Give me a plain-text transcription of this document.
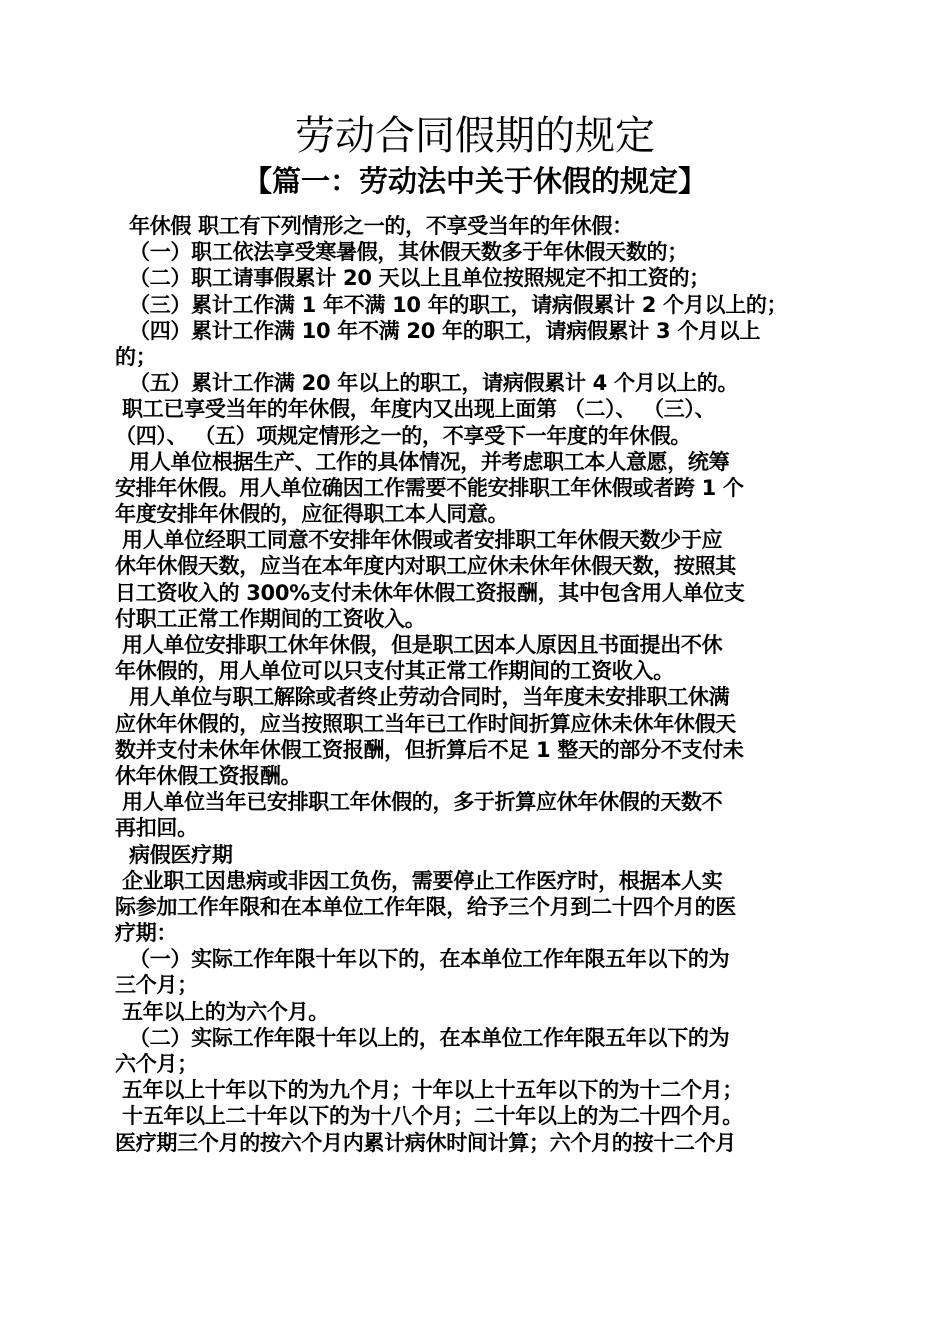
劳动合同假期的规定
【篇一：劳动法中关于休假的规定】
年休假 职工有下列情形之一的，不享受当年的年休假：
（一）职工依法享受寒暑假，其休假天数多于年休假天数的；
（二）职工请事假累计 20 天以上且单位按照规定不扣工资的；
（三）累计工作满 1 年不满 10 年的职工，请病假累计 2 个月以上的；
（四）累计工作满 10 年不满 20 年的职工，请病假累计 3 个月以上
的；
（五）累计工作满 20 年以上的职工，请病假累计 4 个月以上的。
职工已享受当年的年休假，年度内又出现上面第 （二）、 （三）、
（四）、 （五）项规定情形之一的，不享受下一年度的年休假。
用人单位根据生产、工作的具体情况，并考虑职工本人意愿，统筹
安排年休假。用人单位确因工作需要不能安排职工年休假或者跨 1 个
年度安排年休假的，应征得职工本人同意。
用人单位经职工同意不安排年休假或者安排职工年休假天数少于应
休年休假天数，应当在本年度内对职工应休未休年休假天数，按照其
日工资收入的 300%支付未休年休假工资报酬，其中包含用人单位支
付职工正常工作期间的工资收入。
用人单位安排职工休年休假，但是职工因本人原因且书面提出不休
年休假的，用人单位可以只支付其正常工作期间的工资收入。
用人单位与职工解除或者终止劳动合同时，当年度未安排职工休满
应休年休假的，应当按照职工当年已工作时间折算应休未休年休假天
数并支付未休年休假工资报酬，但折算后不足 1 整天的部分不支付未
休年休假工资报酬。
用人单位当年已安排职工年休假的，多于折算应休年休假的天数不
再扣回。
病假医疗期
企业职工因患病或非因工负伤，需要停止工作医疗时，根据本人实
际参加工作年限和在本单位工作年限，给予三个月到二十四个月的医
疗期：
（一）实际工作年限十年以下的，在本单位工作年限五年以下的为
三个月；
五年以上的为六个月。
（二）实际工作年限十年以上的，在本单位工作年限五年以下的为
六个月；
五年以上十年以下的为九个月；十年以上十五年以下的为十二个月；
十五年以上二十年以下的为十八个月；二十年以上的为二十四个月。
医疗期三个月的按六个月内累计病休时间计算；六个月的按十二个月
